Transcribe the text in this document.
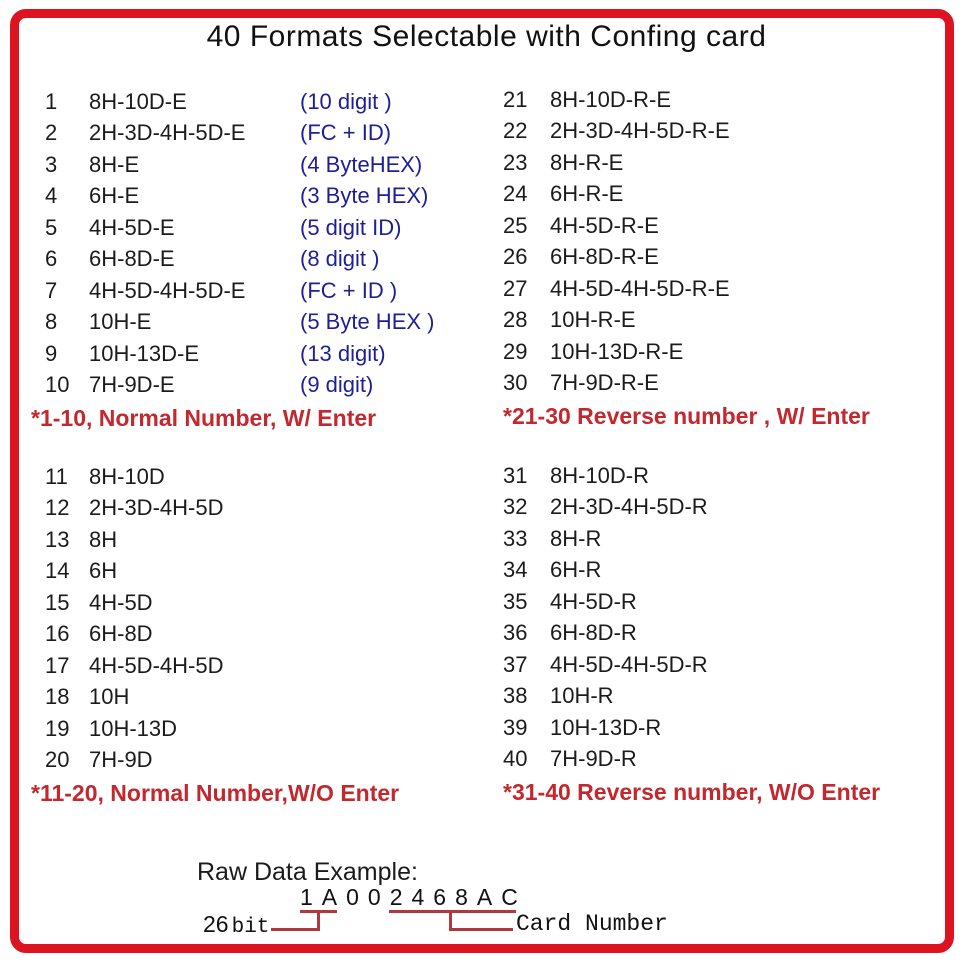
40 Formats Selectable with Confing card
1	8H-10D-E	(10 digit )
2	2H-3D-4H-5D-E	(FC + ID)
3	8H-E	(4 ByteHEX)
4	6H-E	(3 Byte HEX)
5	4H-5D-E	(5 digit ID)
6	6H-8D-E	(8 digit )
7	4H-5D-4H-5D-E	(FC + ID )
8	10H-E	(5 Byte HEX )
9	10H-13D-E	(13 digit)
10 7H-9D-E	(9 digit)
*1-10, Normal Number, W/ Enter
21	8H-10D-R-E
22	2H-3D-4H-5D-R-E
23	8H-R-E
24	6H-R-E
25	4H-5D-R-E
26	6H-8D-R-E
27	4H-5D-4H-5D-R-E
28	10H-R-E
29	10H-13D-R-E
30	7H-9D-R-E
*21-30 Reverse number , W/ Enter
11 8H-10D
12 2H-3D-4H-5D
13 8H
14 6H
15 4H-5D
16 6H-8D
17 4H-5D-4H-5D
18 10H
19 10H-13D
20 7H-9D
*11-20, Normal Number,W/O Enter
31	8H-10D-R
32	2H-3D-4H-5D-R
33	8H-R
34	6H-R
35	4H-5D-R
36	6H-8D-R
37	4H-5D-4H-5D-R
38	10H-R
39	10H-13D-R
40	7H-9D-R
*31-40 Reverse number, W/O Enter
Raw Data Example:
1A002468AC
26 bit	Card Number
